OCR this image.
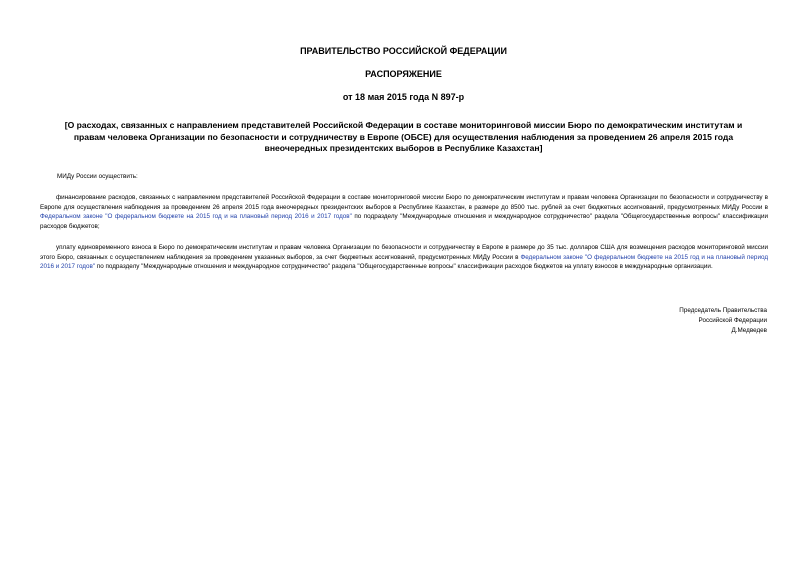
ПРАВИТЕЛЬСТВО РОССИЙСКОЙ ФЕДЕРАЦИИ
РАСПОРЯЖЕНИЕ
от 18 мая 2015 года N 897-р
[О расходах, связанных с направлением представителей Российской Федерации в составе мониторинговой миссии Бюро по демократическим институтам и правам человека Организации по безопасности и сотрудничеству в Европе (ОБСЕ) для осуществления наблюдения за проведением 26 апреля 2015 года внеочередных президентских выборов в Республике Казахстан]
МИДу России осуществить:
финансирование расходов, связанных с направлением представителей Российской Федерации в составе мониторинговой миссии Бюро по демократическим институтам и правам человека Организации по безопасности и сотрудничеству в Европе для осуществления наблюдения за проведением 26 апреля 2015 года внеочередных президентских выборов в Республике Казахстан, в размере до 8500 тыс. рублей за счет бюджетных ассигнований, предусмотренных МИДу России в Федеральном законе "О федеральном бюджете на 2015 год и на плановый период 2016 и 2017 годов" по подразделу "Международные отношения и международное сотрудничество" раздела "Общегосударственные вопросы" классификации расходов бюджетов;
уплату единовременного взноса в Бюро по демократическим институтам и правам человека Организации по безопасности и сотрудничеству в Европе в размере до 35 тыс. долларов США для возмещения расходов мониторинговой миссии этого Бюро, связанных с осуществлением наблюдения за проведением указанных выборов, за счет бюджетных ассигнований, предусмотренных МИДу России в Федеральном законе "О федеральном бюджете на 2015 год и на плановый период 2016 и 2017 годов" по подразделу "Международные отношения и международное сотрудничество" раздела "Общегосударственные вопросы" классификации расходов бюджетов на уплату взносов в международные организации.
Председатель Правительства
Российской Федерации
Д.Медведев
